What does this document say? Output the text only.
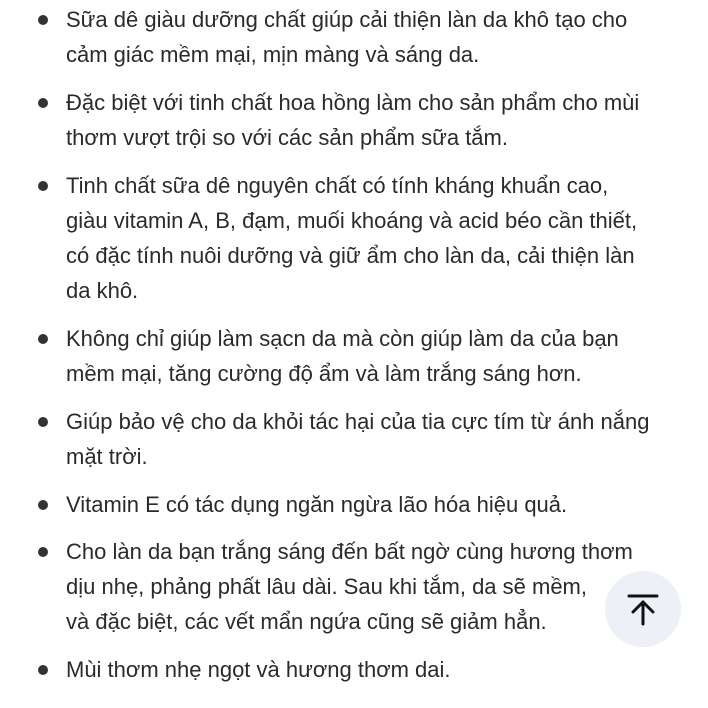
Sữa dê giàu dưỡng chất giúp cải thiện làn da khô tạo cho
cảm giác mềm mại, mịn màng và sáng da.
Đặc biệt với tinh chất hoa hồng làm cho sản phẩm cho mùi
thơm vượt trội so với các sản phẩm sữa tắm.
Tinh chất sữa dê nguyên chất có tính kháng khuẩn cao,
giàu vitamin A, B, đạm, muối khoáng và acid béo cần thiết,
có đặc tính nuôi dưỡng và giữ ẩm cho làn da, cải thiện làn
da khô.
Không chỉ giúp làm sạcn da mà còn giúp làm da của bạn
mềm mại, tăng cường độ ẩm và làm trắng sáng hơn.
Giúp bảo vệ cho da khỏi tác hại của tia cực tím từ ánh nắng
mặt trời.
Vitamin E có tác dụng ngăn ngừa lão hóa hiệu quả.
Cho làn da bạn trắng sáng đến bất ngờ cùng hương thơm
dịu nhẹ, phảng phất lâu dài. Sau khi tắm, da sẽ mềm,
và đặc biệt, các vết mẩn ngứa cũng sẽ giảm hẳn.
Mùi thơm nhẹ ngọt và hương thơm dai.
